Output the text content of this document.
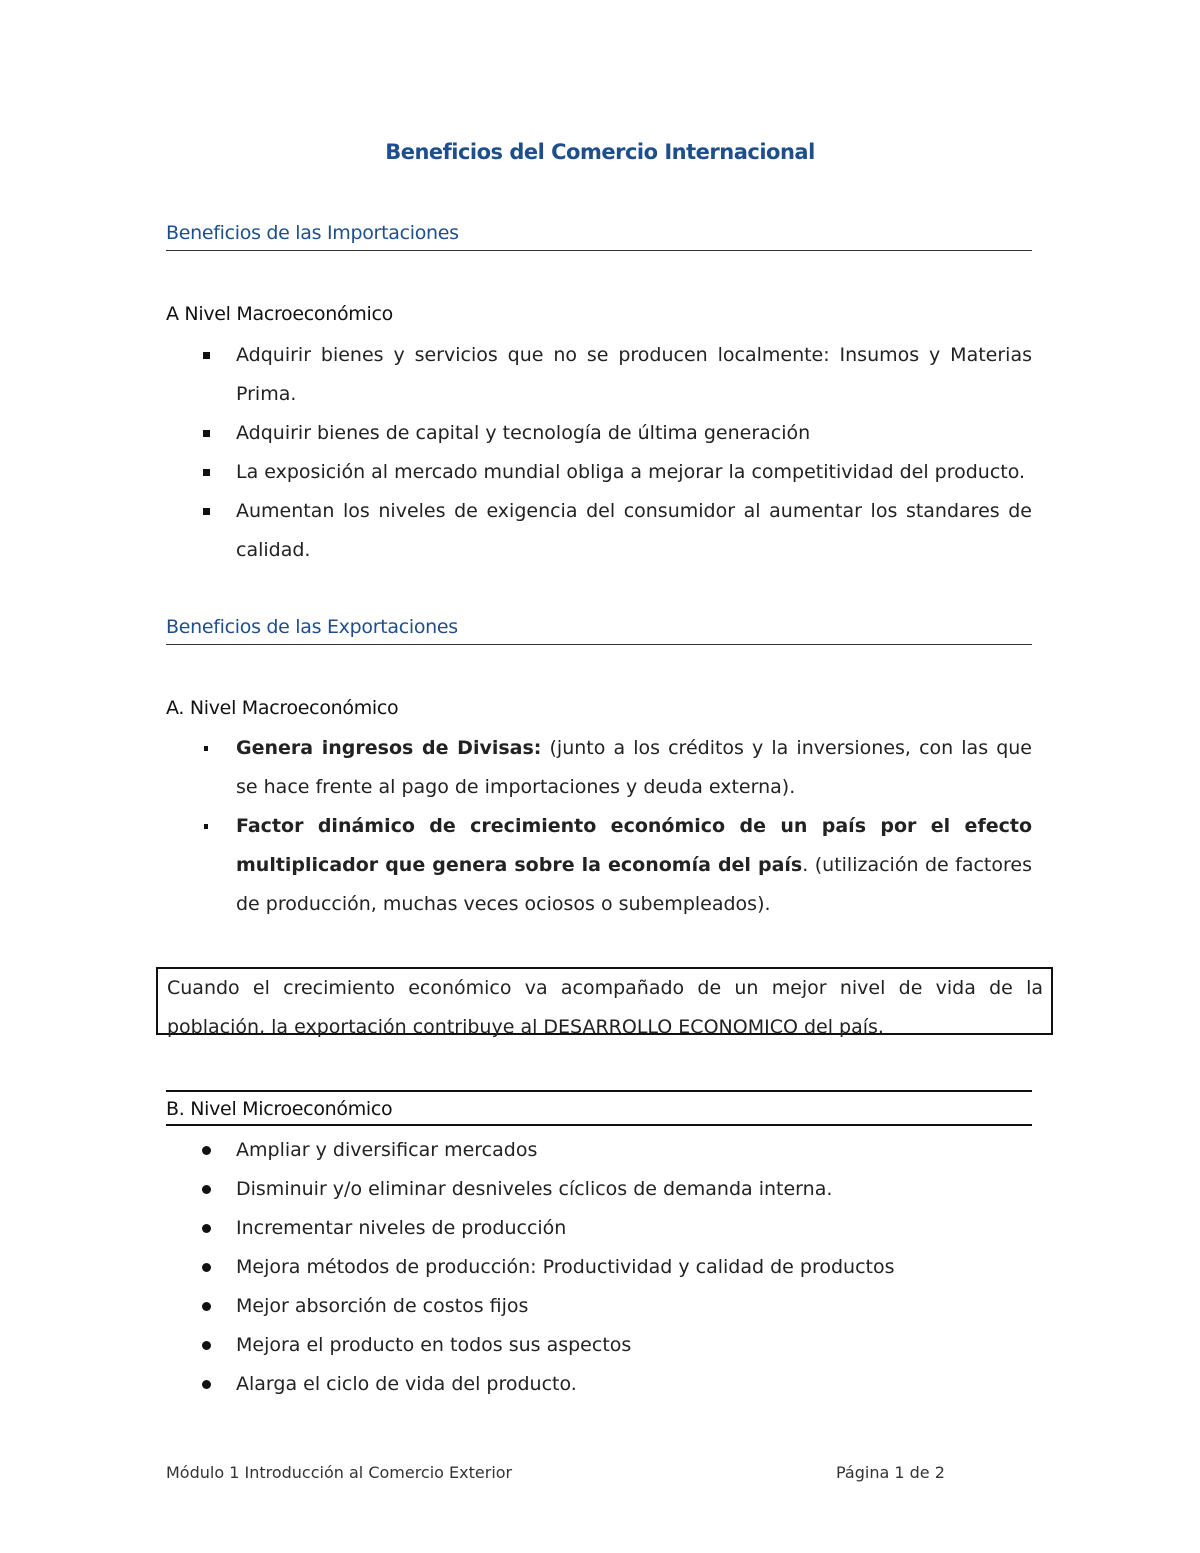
Beneficios del Comercio Internacional
Beneficios de las Importaciones
A Nivel Macroeconómico
Adquirir bienes y servicios que no se producen localmente: Insumos y Materias Prima.
Adquirir bienes de capital y tecnología de última generación
La exposición al mercado mundial obliga a mejorar la competitividad del producto.
Aumentan los niveles de exigencia del consumidor al aumentar los standares de calidad.
Beneficios de las Exportaciones
A. Nivel Macroeconómico
Genera ingresos de Divisas: (junto a los créditos y la inversiones, con las que se hace frente al pago de importaciones y deuda externa).
Factor dinámico de crecimiento económico de un país por el efecto multiplicador que genera sobre la economía del país. (utilización de factores de producción, muchas veces ociosos o subempleados).
Cuando el crecimiento económico va acompañado de un mejor nivel de vida de la población, la exportación contribuye al DESARROLLO ECONOMICO del país.
B. Nivel Microeconómico
Ampliar y diversificar mercados
Disminuir y/o eliminar desniveles cíclicos de demanda interna.
Incrementar niveles de producción
Mejora métodos de producción: Productividad y calidad de productos
Mejor absorción de costos fijos
Mejora el producto en todos sus aspectos
Alarga el ciclo de vida del producto.
Módulo 1 Introducción al Comercio Exterior	Página 1 de 2
